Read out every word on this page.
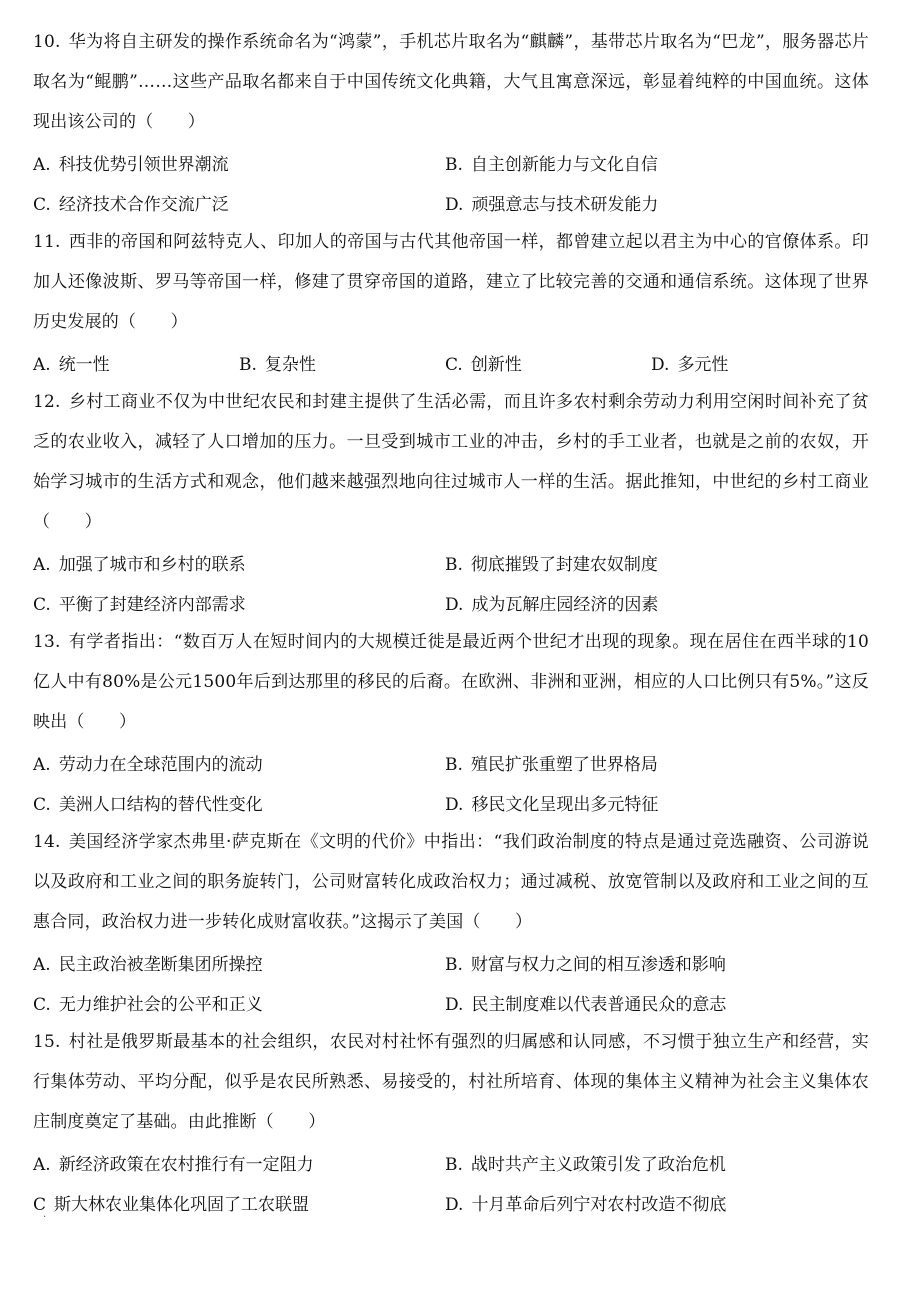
10. 华为将自主研发的操作系统命名为“鸿蒙”，手机芯片取名为“麒麟”，基带芯片取名为“巴龙”，服务器芯片取名为“鲲鹏”……这些产品取名都来自于中国传统文化典籍，大气且寓意深远，彰显着纯粹的中国血统。这体现出该公司的（　　）

A. 科技优势引领世界潮流	B. 自主创新能力与文化自信
C. 经济技术合作交流广泛	D. 顽强意志与技术研发能力

11. 西非的帝国和阿兹特克人、印加人的帝国与古代其他帝国一样，都曾建立起以君主为中心的官僚体系。印加人还像波斯、罗马等帝国一样，修建了贯穿帝国的道路，建立了比较完善的交通和通信系统。这体现了世界历史发展的（　　）

A. 统一性	B. 复杂性	C. 创新性	D. 多元性

12. 乡村工商业不仅为中世纪农民和封建主提供了生活必需，而且许多农村剩余劳动力利用空闲时间补充了贫乏的农业收入，减轻了人口增加的压力。一旦受到城市工业的冲击，乡村的手工业者，也就是之前的农奴，开始学习城市的生活方式和观念，他们越来越强烈地向往过城市人一样的生活。据此推知，中世纪的乡村工商业（　　）

A. 加强了城市和乡村的联系	B. 彻底摧毁了封建农奴制度
C. 平衡了封建经济内部需求	D. 成为瓦解庄园经济的因素

13. 有学者指出：“数百万人在短时间内的大规模迁徙是最近两个世纪才出现的现象。现在居住在西半球的10亿人中有80%是公元1500年后到达那里的移民的后裔。在欧洲、非洲和亚洲，相应的人口比例只有5%。”这反映出（　　）

A. 劳动力在全球范围内的流动	B. 殖民扩张重塑了世界格局
C. 美洲人口结构的替代性变化	D. 移民文化呈现出多元特征

14. 美国经济学家杰弗里·萨克斯在《文明的代价》中指出：“我们政治制度的特点是通过竞选融资、公司游说以及政府和工业之间的职务旋转门，公司财富转化成政治权力；通过减税、放宽管制以及政府和工业之间的互惠合同，政治权力进一步转化成财富收获。”这揭示了美国（　　）

A. 民主政治被垄断集团所操控	B. 财富与权力之间的相互渗透和影响
C. 无力维护社会的公平和正义	D. 民主制度难以代表普通民众的意志

15. 村社是俄罗斯最基本的社会组织，农民对村社怀有强烈的归属感和认同感，不习惯于独立生产和经营，实行集体劳动、平均分配，似乎是农民所熟悉、易接受的，村社所培育、体现的集体主义精神为社会主义集体农庄制度奠定了基础。由此推断（　　）

A. 新经济政策在农村推行有一定阻力	B. 战时共产主义政策引发了政治危机
C 斯大林农业集体化巩固了工农联盟	D. 十月革命后列宁对农村改造不彻底
·
